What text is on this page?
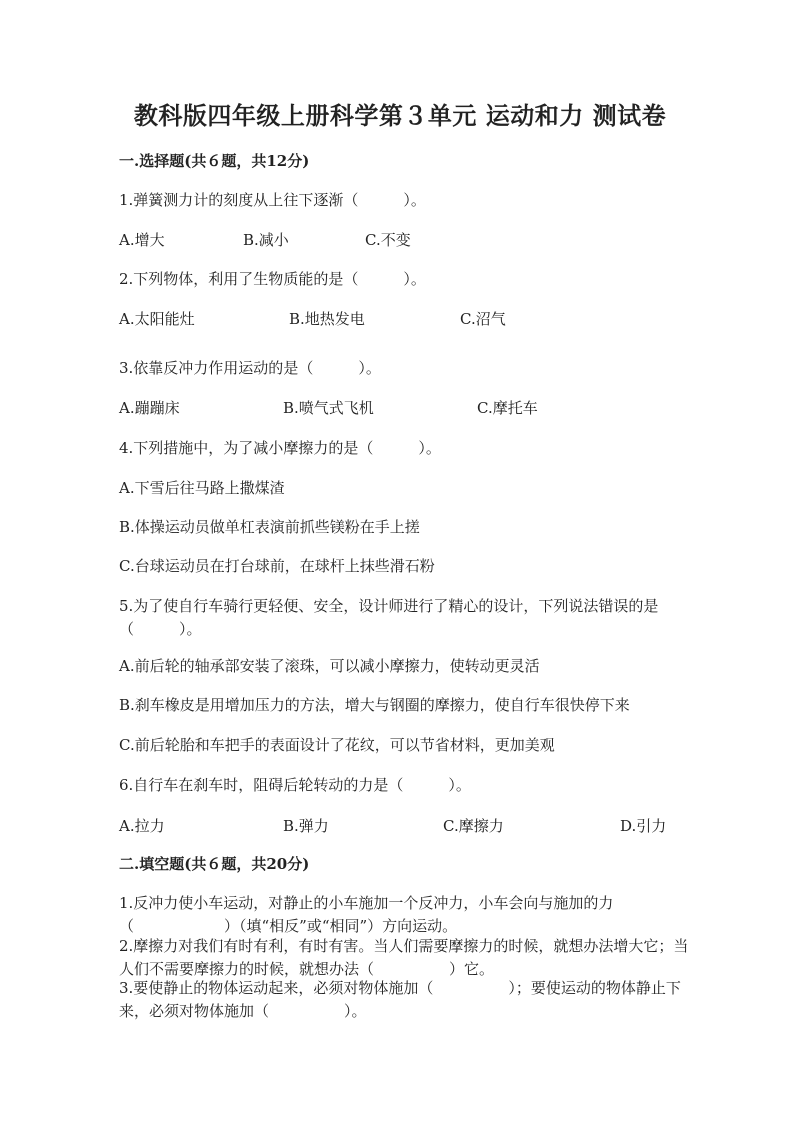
教科版四年级上册科学第３单元 运动和力 测试卷
一.选择题(共６题，共12分)
1.弹簧测力计的刻度从上往下逐渐（　　　）。
A.增大	B.减小	C.不变
2.下列物体，利用了生物质能的是（　　　）。
A.太阳能灶	B.地热发电	C.沼气
3.依靠反冲力作用运动的是（　　　）。
A.蹦蹦床	B.喷气式飞机	C.摩托车
4.下列措施中，为了减小摩擦力的是（　　　）。
A.下雪后往马路上撒煤渣
B.体操运动员做单杠表演前抓些镁粉在手上搓
C.台球运动员在打台球前，在球杆上抹些滑石粉
5.为了使自行车骑行更轻便、安全，设计师进行了精心的设计，下列说法错误的是（　　　）。
A.前后轮的轴承部安装了滚珠，可以减小摩擦力，使转动更灵活
B.刹车橡皮是用增加压力的方法，增大与钢圈的摩擦力，使自行车很快停下来
C.前后轮胎和车把手的表面设计了花纹，可以节省材料，更加美观
6.自行车在刹车时，阻碍后轮转动的力是（　　　）。
A.拉力	B.弹力	C.摩擦力	D.引力
二.填空题(共６题，共20分)
1.反冲力使小车运动，对静止的小车施加一个反冲力，小车会向与施加的力（　　　　　　）（填“相反”或“相同”）方向运动。
2.摩擦力对我们有时有利，有时有害。当人们需要摩擦力的时候，就想办法增大它；当人们不需要摩擦力的时候，就想办法（　　　　　）它。
3.要使静止的物体运动起来，必须对物体施加（　　　　　）；要使运动的物体静止下来，必须对物体施加（　　　　　）。
